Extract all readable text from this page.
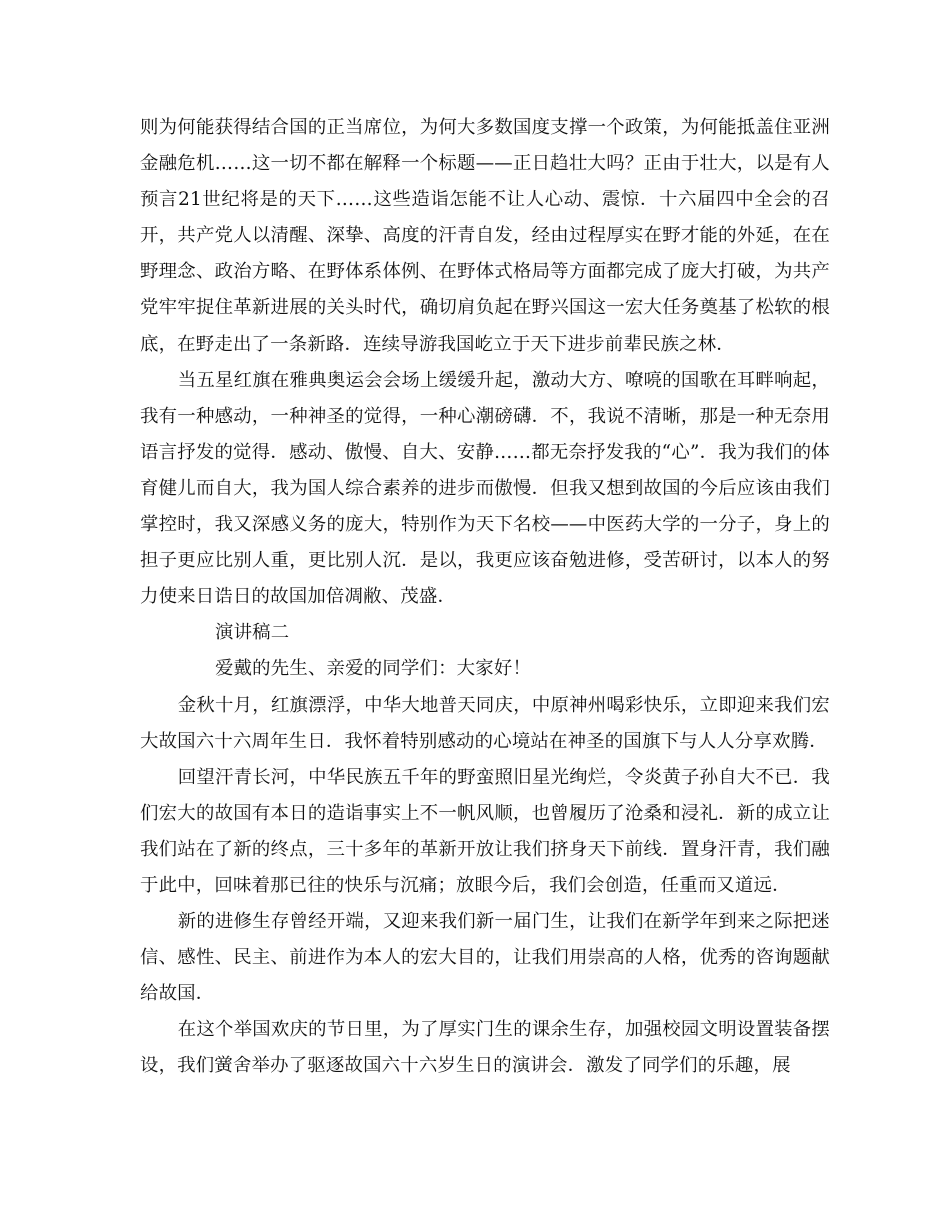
则为何能获得结合国的正当席位，为何大多数国度支撑一个政策，为何能抵盖住亚洲金融危机……这一切不都在解释一个标题——正日趋壮大吗？正由于壮大，以是有人预言21世纪将是的天下……这些造诣怎能不让人心动、震惊．十六届四中全会的召开，共产党人以清醒、深挚、高度的汗青自发，经由过程厚实在野才能的外延，在在野理念、政治方略、在野体系体例、在野体式格局等方面都完成了庞大打破，为共产党牢牢捉住革新进展的关头时代，确切肩负起在野兴国这一宏大任务奠基了松软的根底，在野走出了一条新路．连续导游我国屹立于天下进步前辈民族之林．

当五星红旗在雅典奥运会会场上缓缓升起，激动大方、嘹喨的国歌在耳畔响起，我有一种感动，一种神圣的觉得，一种心潮磅礴．不，我说不清晰，那是一种无奈用语言抒发的觉得．感动、傲慢、自大、安静……都无奈抒发我的“心”．我为我们的体育健儿而自大，我为国人综合素养的进步而傲慢．但我又想到故国的今后应该由我们掌控时，我又深感义务的庞大，特别作为天下名校——中医药大学的一分子，身上的担子更应比别人重，更比别人沉．是以，我更应该奋勉进修，受苦研讨，以本人的努力使来日诰日的故国加倍凋敝、茂盛．

演讲稿二

爱戴的先生、亲爱的同学们：大家好！

金秋十月，红旗漂浮，中华大地普天同庆，中原神州喝彩快乐，立即迎来我们宏大故国六十六周年生日．我怀着特别感动的心境站在神圣的国旗下与人人分享欢腾．

回望汗青长河，中华民族五千年的野蛮照旧星光绚烂，令炎黄子孙自大不已．我们宏大的故国有本日的造诣事实上不一帆风顺，也曾履历了沧桑和浸礼．新的成立让我们站在了新的终点，三十多年的革新开放让我们挤身天下前线．置身汗青，我们融于此中，回味着那已往的快乐与沉痛；放眼今后，我们会创造，任重而又道远．

新的进修生存曾经开端，又迎来我们新一届门生，让我们在新学年到来之际把迷信、感性、民主、前进作为本人的宏大目的，让我们用崇高的人格，优秀的咨询题献给故国．

在这个举国欢庆的节日里，为了厚实门生的课余生存，加强校园文明设置装备摆设，我们黉舍举办了驱逐故国六十六岁生日的演讲会．激发了同学们的乐趣，展
